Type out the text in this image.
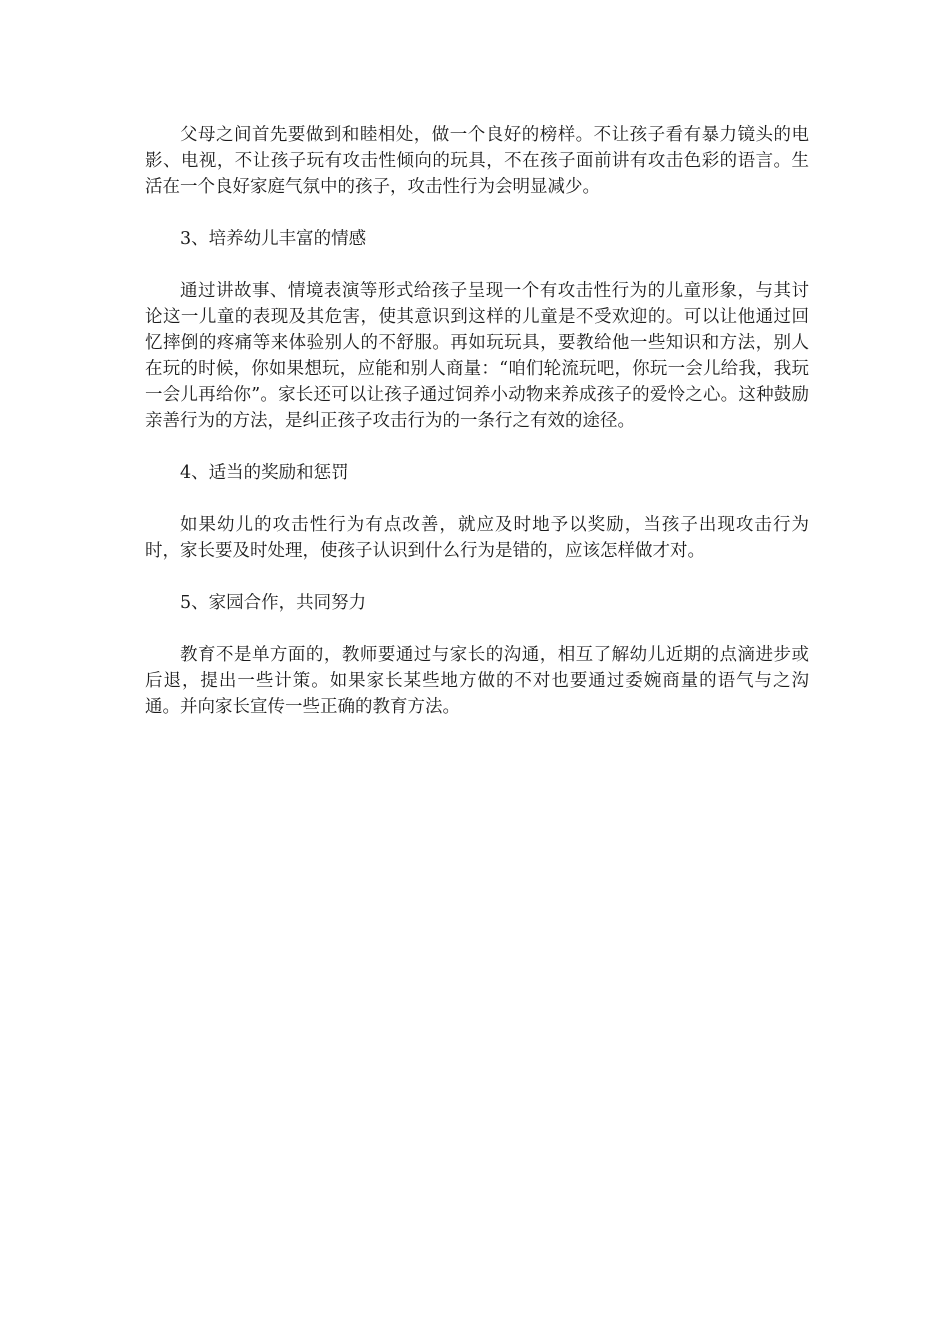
父母之间首先要做到和睦相处，做一个良好的榜样。不让孩子看有暴力镜头的电影、电视，不让孩子玩有攻击性倾向的玩具，不在孩子面前讲有攻击色彩的语言。生活在一个良好家庭气氛中的孩子，攻击性行为会明显减少。

3、培养幼儿丰富的情感

通过讲故事、情境表演等形式给孩子呈现一个有攻击性行为的儿童形象，与其讨论这一儿童的表现及其危害，使其意识到这样的儿童是不受欢迎的。可以让他通过回忆摔倒的疼痛等来体验别人的不舒服。再如玩玩具，要教给他一些知识和方法，别人在玩的时候，你如果想玩，应能和别人商量：“咱们轮流玩吧，你玩一会儿给我，我玩一会儿再给你”。家长还可以让孩子通过饲养小动物来养成孩子的爱怜之心。这种鼓励亲善行为的方法，是纠正孩子攻击行为的一条行之有效的途径。

4、适当的奖励和惩罚

如果幼儿的攻击性行为有点改善，就应及时地予以奖励，当孩子出现攻击行为时，家长要及时处理，使孩子认识到什么行为是错的，应该怎样做才对。

5、家园合作，共同努力

教育不是单方面的，教师要通过与家长的沟通，相互了解幼儿近期的点滴进步或后退，提出一些计策。如果家长某些地方做的不对也要通过委婉商量的语气与之沟通。并向家长宣传一些正确的教育方法。
